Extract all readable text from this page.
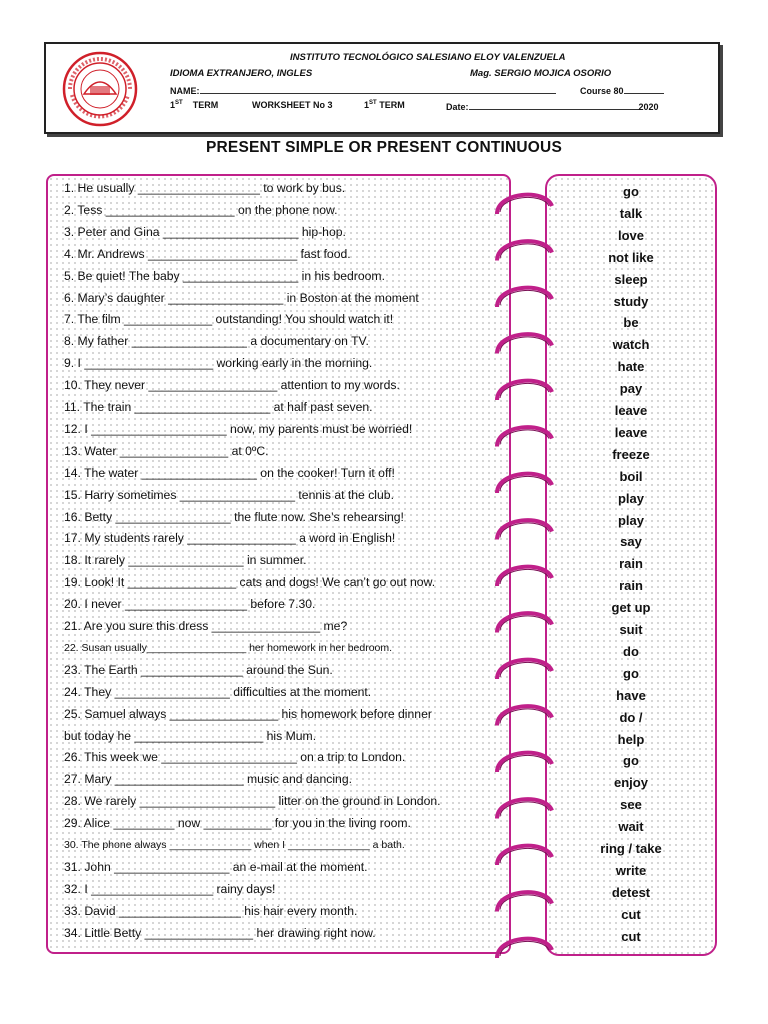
INSTITUTO TECNOLÓGICO SALESIANO ELOY VALENZUELA
IDIOMA EXTRANJERO, INGLES	Mag. SERGIO MOJICA OSORIO
NAME:	Course 80
1ST TERM	WORKSHEET No 3	1ST TERM	Date:	2020
PRESENT SIMPLE OR PRESENT CONTINUOUS
1. He usually __________________ to work by bus.
2. Tess ___________________ on the phone now.
3. Peter and Gina ____________________ hip-hop.
4. Mr. Andrews ______________________ fast food.
5. Be quiet! The baby _________________ in his bedroom.
6. Mary’s daughter _________________ in Boston at the moment
7. The film _____________ outstanding! You should watch it!
8. My father _________________ a documentary on TV.
9. I ___________________ working early in the morning.
10. They never ___________________ attention to my words.
11. The train ____________________ at half past seven.
12. I ____________________ now, my parents must be worried!
13. Water ________________ at 0ºC.
14. The water _________________ on the cooker! Turn it off!
15. Harry sometimes _________________ tennis at the club.
16. Betty _________________ the flute now. She’s rehearsing!
17. My students rarely ________________ a word in English!
18. It rarely _________________ in summer.
19. Look! It ________________ cats and dogs! We can’t go out now.
20. I never __________________ before 7.30.
21. Are you sure this dress ________________ me?
22. Susan usually_________________ her homework in her bedroom.
23. The Earth _______________ around the Sun.
24. They _________________ difficulties at the moment.
25. Samuel always ________________ his homework before dinner
but today he ___________________ his Mum.
26. This week we ____________________ on a trip to London.
27. Mary ___________________ music and dancing.
28. We rarely ____________________ litter on the ground in London.
29. Alice _________ now __________ for you in the living room.
30. The phone always ______________ when I ______________ a bath.
31. John _________________ an e-mail at the moment.
32. I __________________ rainy days!
33. David __________________ his hair every month.
34. Little Betty ________________ her drawing right now.
go
talk
love
not like
sleep
study
be
watch
hate
pay
leave
leave
freeze
boil
play
play
say
rain
rain
get up
suit
do
go
have
do /
help
go
enjoy
see
wait
ring / take
write
detest
cut
cut
